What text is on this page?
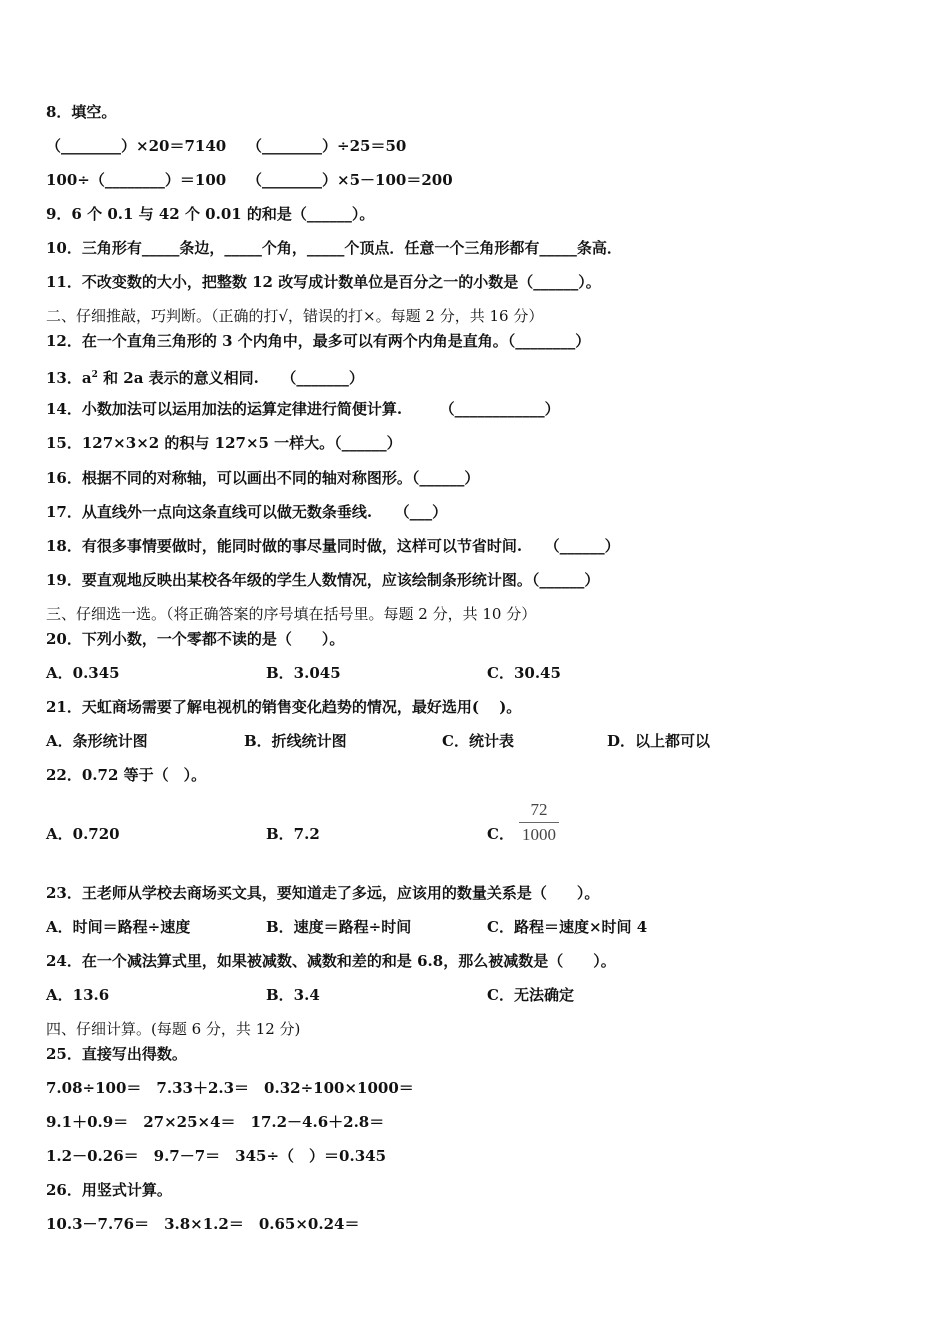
8．填空。
（________）×20＝7140 （________）÷25＝50
100÷（________）＝100 （________）×5－100＝200
9．6 个 0.1 与 42 个 0.01 的和是（______）。
10．三角形有_____条边，_____个角，_____个顶点．任意一个三角形都有_____条高．
11．不改变数的大小，把整数 12 改写成计数单位是百分之一的小数是（______）。
二、仔细推敲，巧判断。（正确的打√，错误的打×。每题 2 分，共 16 分）
12．在一个直角三角形的 3 个内角中，最多可以有两个内角是直角。（________）
13．$a^2$ 和 2a 表示的意义相同.　　（_______）
14．小数加法可以运用加法的运算定律进行简便计算.　　　（____________）
15．127×3×2 的积与 127×5 一样大。（______）
16．根据不同的对称轴，可以画出不同的轴对称图形。（______）
17．从直线外一点向这条直线可以做无数条垂线.　　（___）
18．有很多事情要做时，能同时做的事尽量同时做，这样可以节省时间.　　（______）
19．要直观地反映出某校各年级的学生人数情况，应该绘制条形统计图。（______）
三、仔细选一选。（将正确答案的序号填在括号里。每题 2 分，共 10 分）
20．下列小数，一个零都不读的是（　　）。
A．0.345	B．3.045	C．30.45
21．天虹商场需要了解电视机的销售变化趋势的情况，最好选用(　 )。
A．条形统计图	B．折线统计图	C．统计表	D．以上都可以
22．0.72 等于（　）。
A．0.720	B．7.2	C．
72
1000
23．王老师从学校去商场买文具，要知道走了多远，应该用的数量关系是（　　）。
A．时间＝路程÷速度	B．速度＝路程÷时间	C．路程＝速度×时间 4
24．在一个减法算式里，如果被减数、减数和差的和是 6.8，那么被减数是（　　）。
A．13.6	B．3.4	C．无法确定
四、仔细计算。(每题 6 分，共 12 分)
25．直接写出得数。
7.08÷100＝　7.33＋2.3＝　0.32÷100×1000＝
9.1＋0.9＝　27×25×4＝　17.2－4.6＋2.8＝
1.2－0.26＝　9.7－7＝　345÷（　）＝0.345
26．用竖式计算。
10.3－7.76＝　3.8×1.2＝　0.65×0.24＝
